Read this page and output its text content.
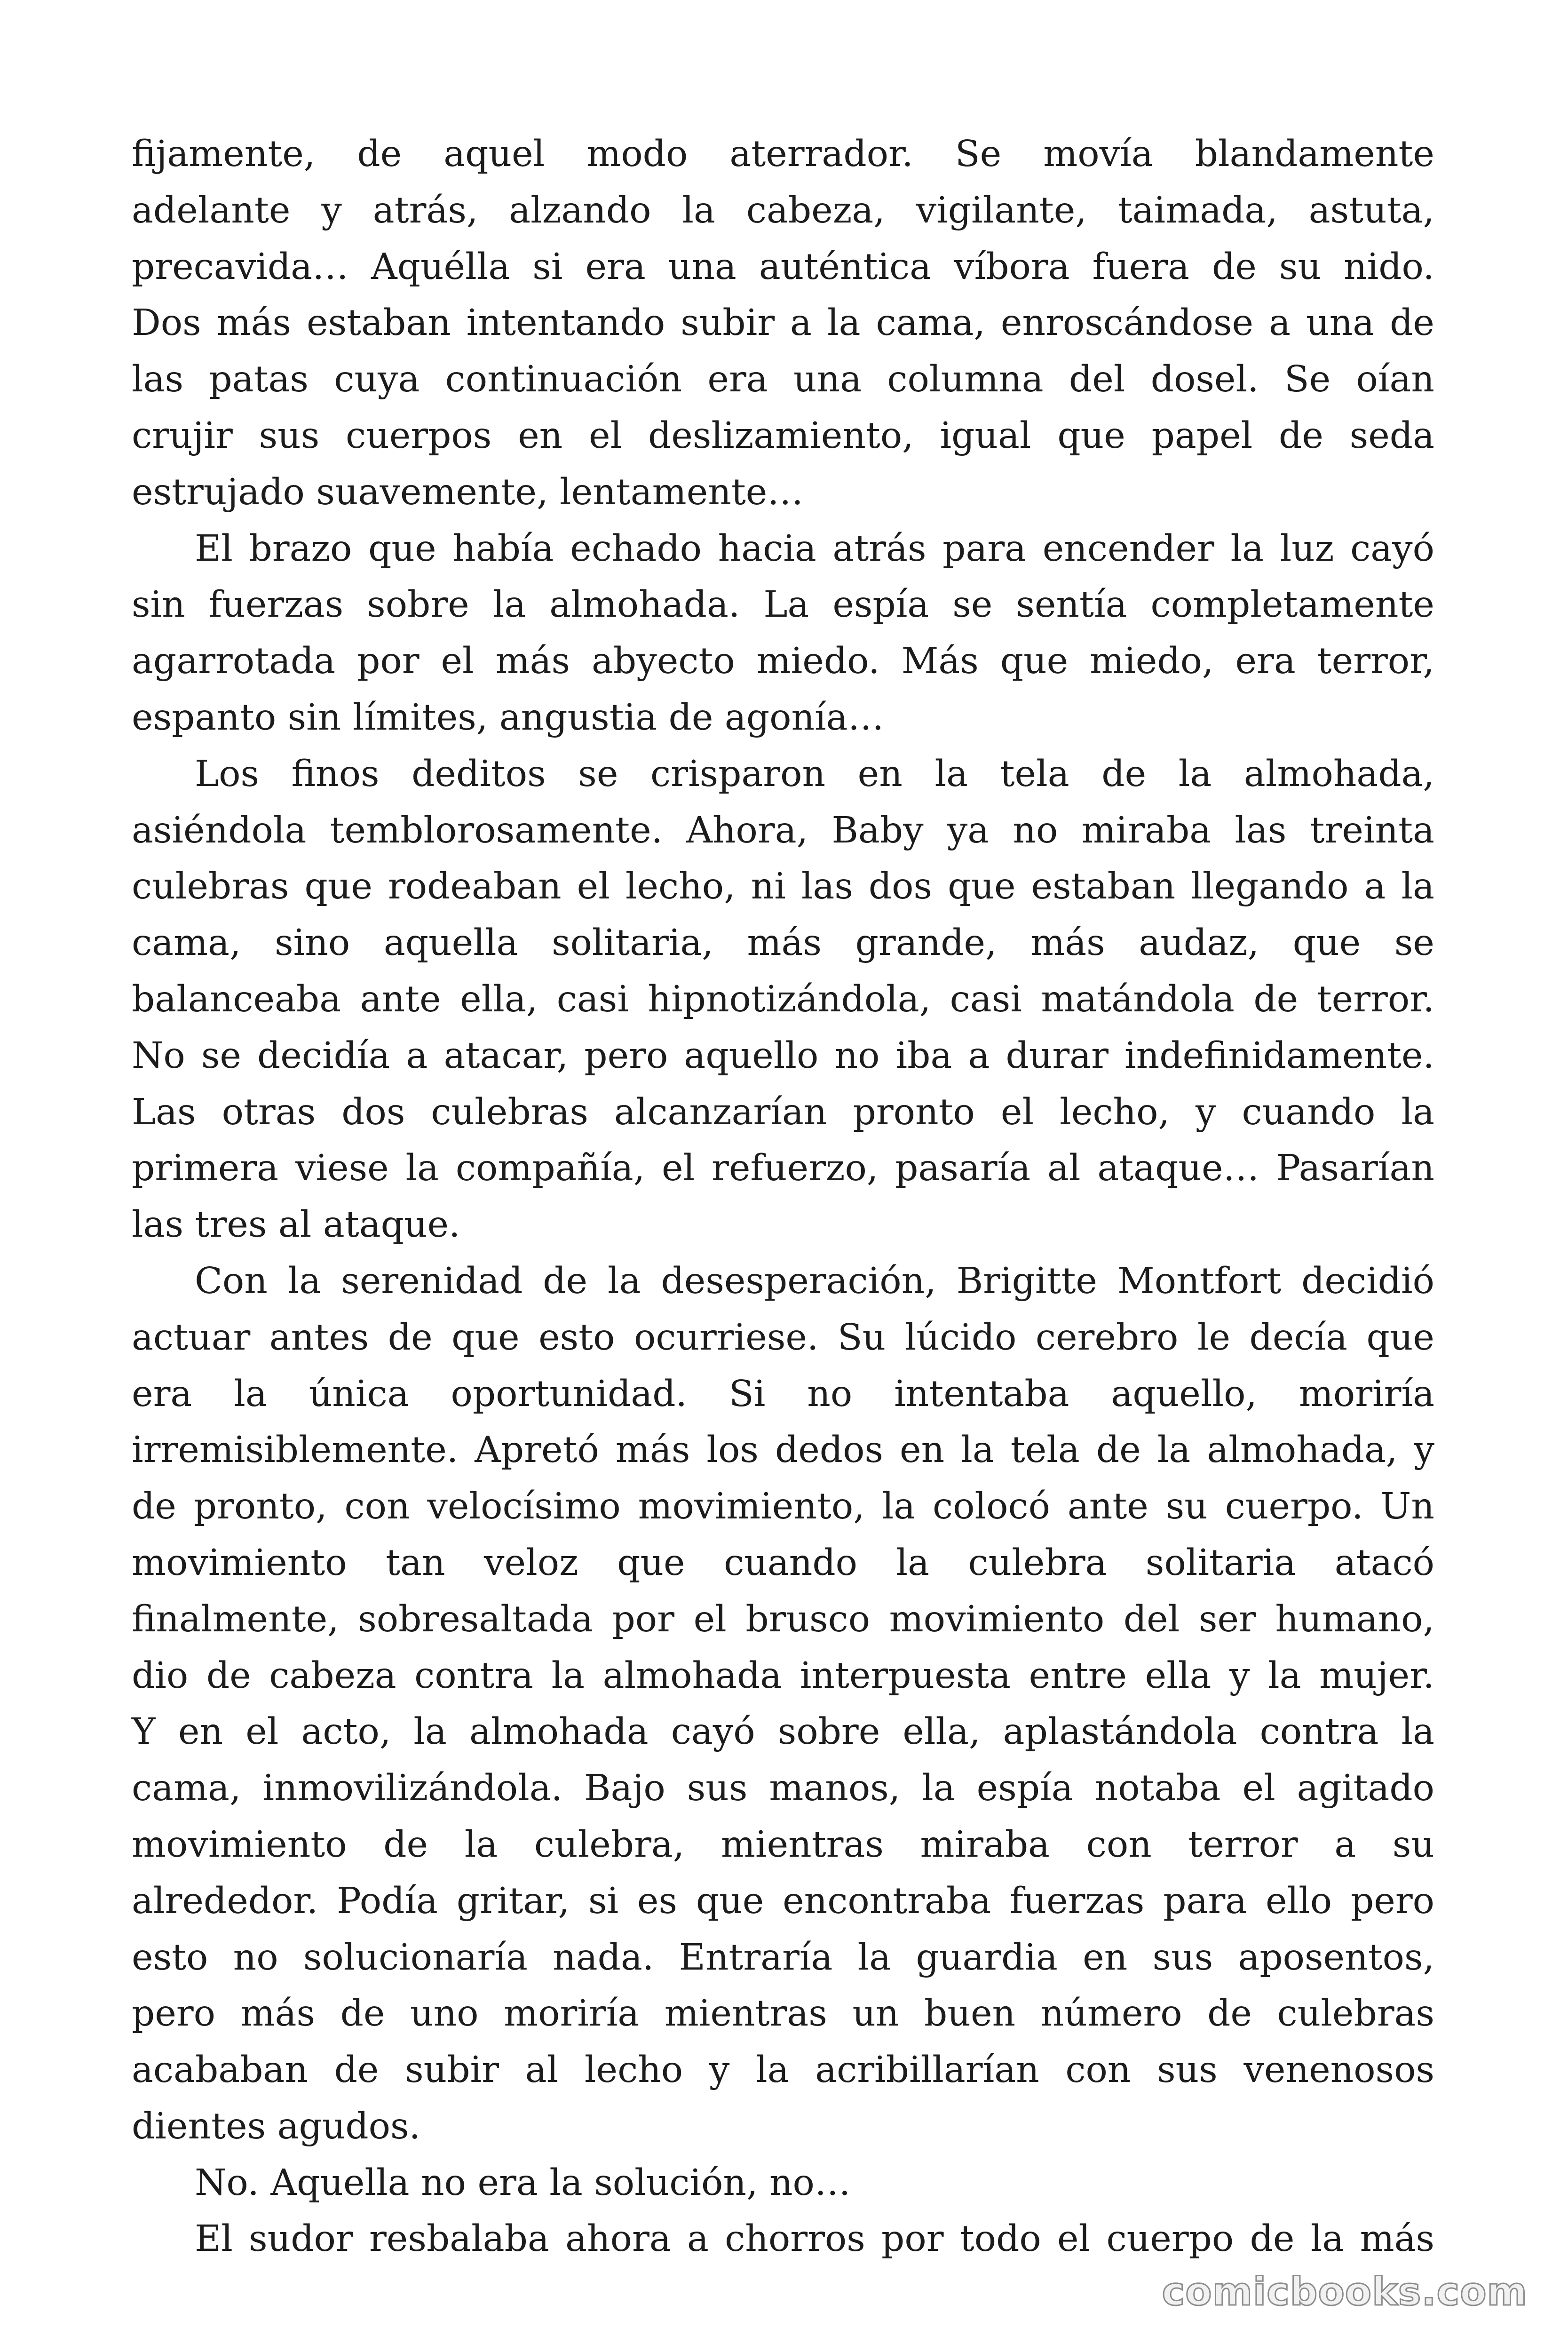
fijamente, de aquel modo aterrador. Se movía blandamente
adelante y atrás, alzando la cabeza, vigilante, taimada, astuta,
precavida… Aquélla si era una auténtica víbora fuera de su nido.
Dos más estaban intentando subir a la cama, enroscándose a una de
las patas cuya continuación era una columna del dosel. Se oían
crujir sus cuerpos en el deslizamiento, igual que papel de seda
estrujado suavemente, lentamente…
El brazo que había echado hacia atrás para encender la luz cayó
sin fuerzas sobre la almohada. La espía se sentía completamente
agarrotada por el más abyecto miedo. Más que miedo, era terror,
espanto sin límites, angustia de agonía…
Los finos deditos se crisparon en la tela de la almohada,
asiéndola temblorosamente. Ahora, Baby ya no miraba las treinta
culebras que rodeaban el lecho, ni las dos que estaban llegando a la
cama, sino aquella solitaria, más grande, más audaz, que se
balanceaba ante ella, casi hipnotizándola, casi matándola de terror.
No se decidía a atacar, pero aquello no iba a durar indefinidamente.
Las otras dos culebras alcanzarían pronto el lecho, y cuando la
primera viese la compañía, el refuerzo, pasaría al ataque… Pasarían
las tres al ataque.
Con la serenidad de la desesperación, Brigitte Montfort decidió
actuar antes de que esto ocurriese. Su lúcido cerebro le decía que
era la única oportunidad. Si no intentaba aquello, moriría
irremisiblemente. Apretó más los dedos en la tela de la almohada, y
de pronto, con velocísimo movimiento, la colocó ante su cuerpo. Un
movimiento tan veloz que cuando la culebra solitaria atacó
finalmente, sobresaltada por el brusco movimiento del ser humano,
dio de cabeza contra la almohada interpuesta entre ella y la mujer.
Y en el acto, la almohada cayó sobre ella, aplastándola contra la
cama, inmovilizándola. Bajo sus manos, la espía notaba el agitado
movimiento de la culebra, mientras miraba con terror a su
alrededor. Podía gritar, si es que encontraba fuerzas para ello pero
esto no solucionaría nada. Entraría la guardia en sus aposentos,
pero más de uno moriría mientras un buen número de culebras
acababan de subir al lecho y la acribillarían con sus venenosos
dientes agudos.
No. Aquella no era la solución, no…
El sudor resbalaba ahora a chorros por todo el cuerpo de la más
comicbooks.com
